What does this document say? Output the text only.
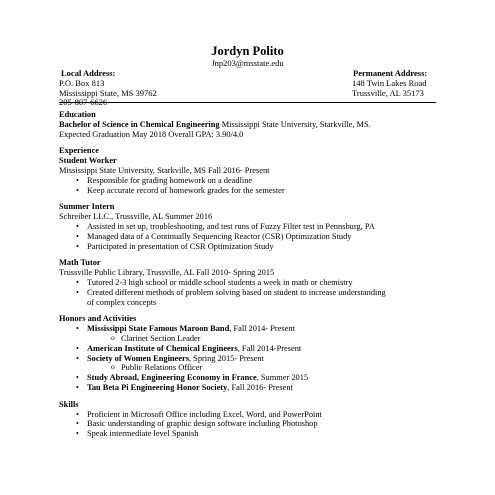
Jordyn Polito
Jnp203@msstate.edu
Local Address:
P.O. Box 813
Mississippi State, MS 39762
205-807-6626
Permanent Address:
148 Twin Lakes Road
Trussville, AL 35173
Education
Bachelor of Science in Chemical Engineering Mississippi State University, Starkville, MS.
Expected Graduation May 2018 Overall GPA: 3.90/4.0
Experience
Student Worker
Mississippi State University, Starkville, MS Fall 2016- Present
• Responsible for grading homework on a deadline
• Keep accurate record of homework grades for the semester
Summer Intern
Schreiber LLC., Trussville, AL Summer 2016
• Assisted in set up, troubleshooting, and test runs of Fuzzy Filter test in Pennsburg, PA
• Managed data of a Continually Sequencing Reactor (CSR) Optimization Study
• Participated in presentation of CSR Optimization Study
Math Tutor
Trussville Public Library, Trussville, AL Fall 2010- Spring 2015
• Tutored 2-3 high school or middle school students a week in math or chemistry
• Created different methods of problem solving based on student to increase understanding
of complex concepts
Honors and Activities
• Mississippi State Famous Maroon Band, Fall 2014- Present
o Clarinet Section Leader
• American Institute of Chemical Engineers, Fall 2014-Present
• Society of Women Engineers, Spring 2015- Present
o Public Relations Officer
• Study Abroad, Engineering Economy in France, Summer 2015
• Tau Beta Pi Engineering Honor Society, Fall 2016- Present
Skills
• Proficient in Microsoft Office including Excel, Word, and PowerPoint
• Basic understanding of graphic design software including Photoshop
• Speak intermediate level Spanish
